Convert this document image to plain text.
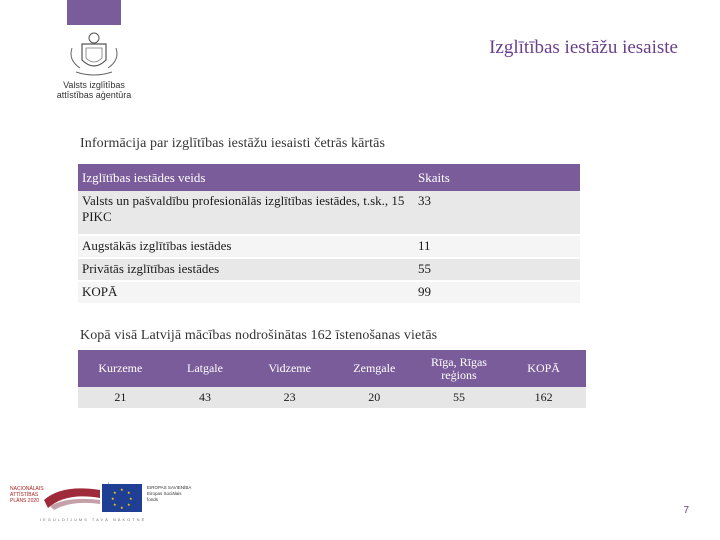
Valsts izglītības
attīstības aģentūra
Izglītības iestāžu iesaiste
Informācija par izglītības iestāžu iesaisti četrās kārtās
Izglītības iestādes veids	Skaits
Valsts un pašvaldību profesionālās izglītības iestādes, t.sk., 15 PIKC	33
Augstākās izglītības iestādes	11
Privātās izglītības iestādes	55
KOPĀ	99
Kopā visā Latvijā mācības nodrošinātas 162 īstenošanas vietās
Kurzeme	Latgale	Vidzeme	Zemgale	Rīga, Rīgas reģions	KOPĀ
21	43	23	20	55	162
NACIONĀLAIS
ATTĪSTĪBAS
PLĀNS 2020
★
★
★
★
★
★
★
★
EIROPAS SAVIENĪBA
Eiropas Sociālais
fonds
IEGULDĪJUMS TAVĀ NĀKOTNĒ
7
